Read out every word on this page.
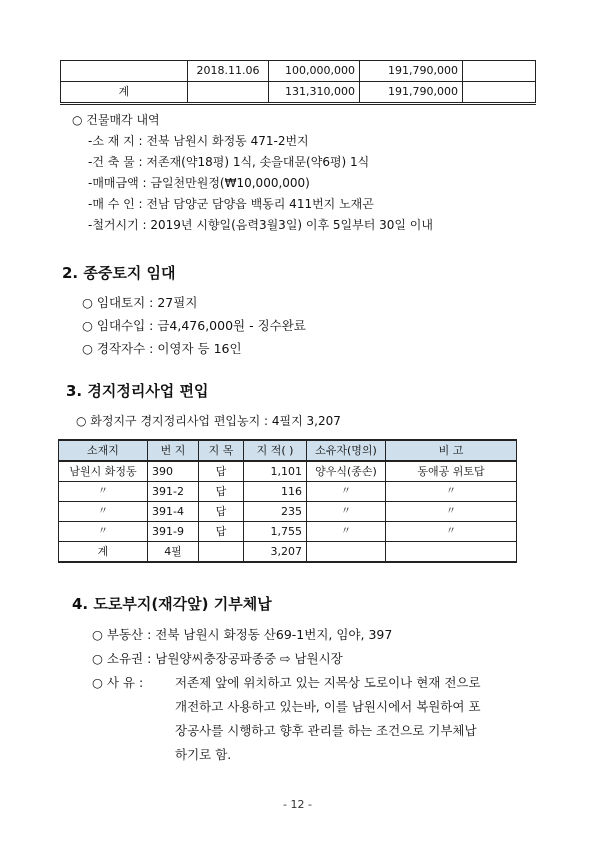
	2018.11.06	100,000,000	191,790,000	
계		131,310,000	191,790,000	
○ 건물매각 내역
-소 재 지 : 전북 남원시 화정동 471-2번지
-건 축 물 : 저존재(약18평) 1식, 솟을대문(약6평) 1식
-매매금액 : 금일천만원정(₩10,000,000)
-매 수 인 : 전남 담양군 담양읍 백동리 411번지 노재곤
-철거시기 : 2019년 시향일(음력3월3일) 이후 5일부터 30일 이내
2. 종중토지 임대
○ 임대토지 : 27필지
○ 임대수입 : 금4,476,000원 - 징수완료
○ 경작자수 : 이영자 등 16인
3. 경지정리사업 편입
○ 화정지구 경지정리사업 편입농지 : 4필지 3,207
소재지	번 지	지 목	지 적( )	소유자(명의)	비 고
남원시 화정동	390	답	1,101	양우식(종손)	동애공 위토답
〃	391-2	답	116	〃	〃
〃	391-4	답	235	〃	〃
〃	391-9	답	1,755	〃	〃
계	4필		3,207		
4. 도로부지(재각앞) 기부체납
○ 부동산 : 전북 남원시 화정동 산69-1번지, 임야, 397
○ 소유권 : 남원양씨충장공파종중 ⇨ 남원시장
○ 사 유 :	저존제 앞에 위치하고 있는 지목상 도로이나 현재 전으로
개전하고 사용하고 있는바, 이를 남원시에서 복원하여 포
장공사를 시행하고 향후 관리를 하는 조건으로 기부체납
하기로 함.
- 12 -
